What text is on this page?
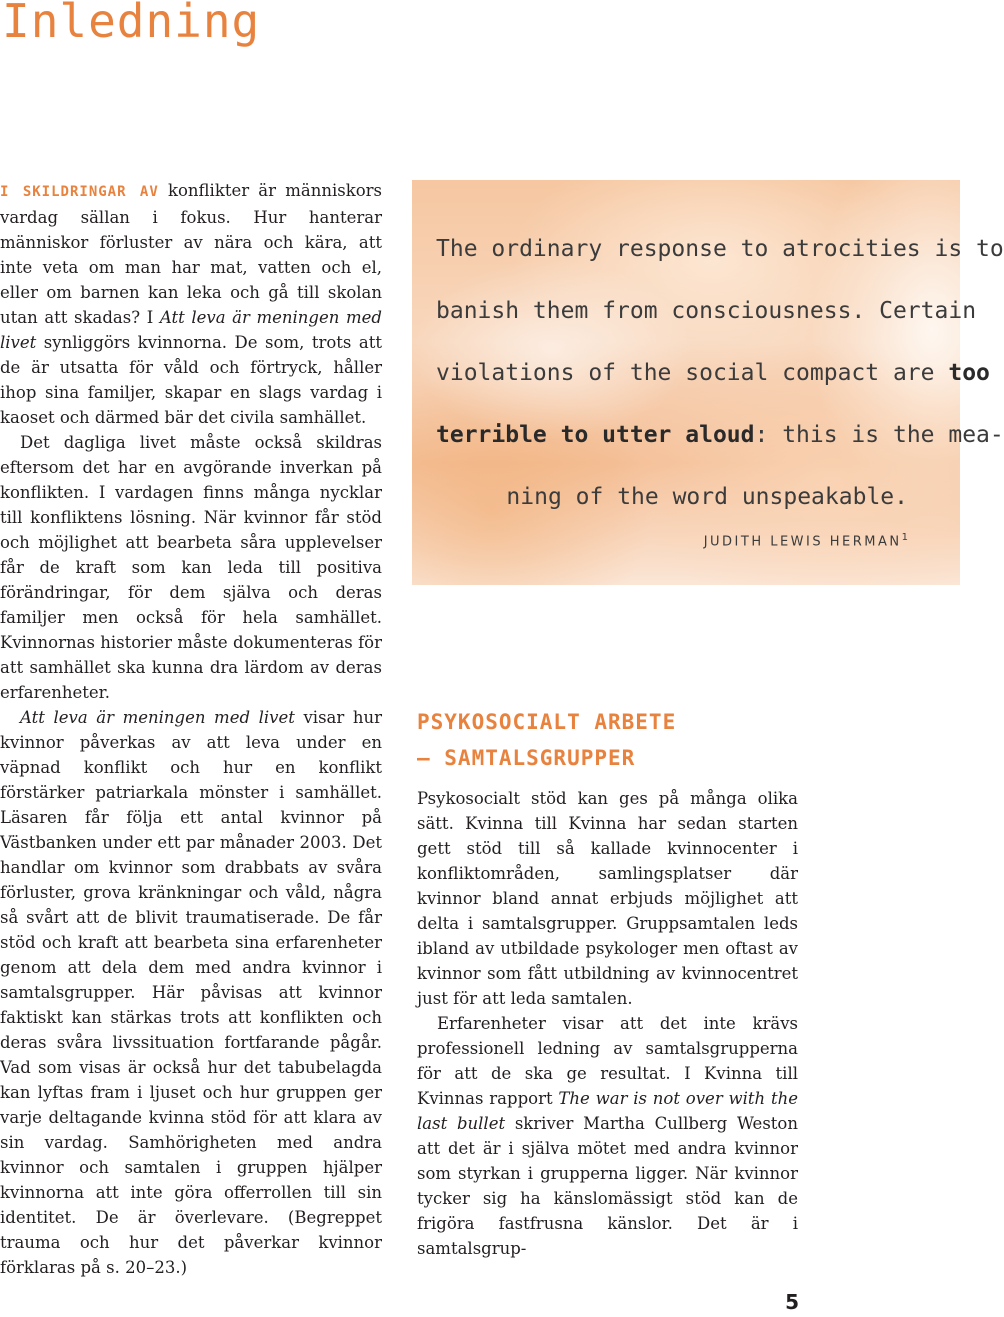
Inledning

I SKILDRINGAR AV konflikter är människors vardag sällan i fokus. Hur hanterar människor förluster av nära och kära, att inte veta om man har mat, vatten och el, eller om barnen kan leka och gå till skolan utan att skadas? I Att leva är meningen med livet synliggörs kvinnorna. De som, trots att de är utsatta för våld och förtryck, håller ihop sina familjer, skapar en slags vardag i kaoset och därmed bär det civila samhället.

Det dagliga livet måste också skildras eftersom det har en avgörande inverkan på konflikten. I vardagen finns många nycklar till konfliktens lösning. När kvinnor får stöd och möjlighet att bearbeta såra upplevelser får de kraft som kan leda till positiva förändringar, för dem själva och deras familjer men också för hela samhället. Kvinnornas historier måste dokumenteras för att samhället ska kunna dra lärdom av deras erfarenheter.

Att leva är meningen med livet visar hur kvinnor påverkas av att leva under en väpnad konflikt och hur en konflikt förstärker patriarkala mönster i samhället. Läsaren får följa ett antal kvinnor på Västbanken under ett par månader 2003. Det handlar om kvinnor som drabbats av svåra förluster, grova kränkningar och våld, några så svårt att de blivit traumatiserade. De får stöd och kraft att bearbeta sina erfarenheter genom att dela dem med andra kvinnor i samtalsgrupper. Här påvisas att kvinnor faktiskt kan stärkas trots att konflikten och deras svåra livssituation fortfarande pågår. Vad som visas är också hur det tabubelagda kan lyftas fram i ljuset och hur gruppen ger varje deltagande kvinna stöd för att klara av sin vardag. Samhörigheten med andra kvinnor och samtalen i gruppen hjälper kvinnorna att inte göra offerrollen till sin identitet. De är överlevare. (Begreppet trauma och hur det påverkar kvinnor förklaras på s. 20–23.)

The ordinary response to atrocities is to
banish them from consciousness. Certain
violations of the social compact are too
terrible to utter aloud: this is the mea-
ning of the word unspeakable.

JUDITH LEWIS HERMAN$^1$
PSYKOSOCIALT ARBETE
– SAMTALSGRUPPER

Psykosocialt stöd kan ges på många olika sätt. Kvinna till Kvinna har sedan starten gett stöd till så kallade kvinnocenter i konfliktområden, samlingsplatser där kvinnor bland annat erbjuds möjlighet att delta i samtalsgrupper. Gruppsamtalen leds ibland av utbildade psykologer men oftast av kvinnor som fått utbildning av kvinnocentret just för att leda samtalen.

Erfarenheter visar att det inte krävs professionell ledning av samtalsgrupperna för att de ska ge resultat. I Kvinna till Kvinnas rapport The war is not over with the last bullet skriver Martha Cullberg Weston att det är i själva mötet med andra kvinnor som styrkan i grupperna ligger. När kvinnor tycker sig ha känslomässigt stöd kan de frigöra fastfrusna känslor. Det är i samtalsgrup-

5
